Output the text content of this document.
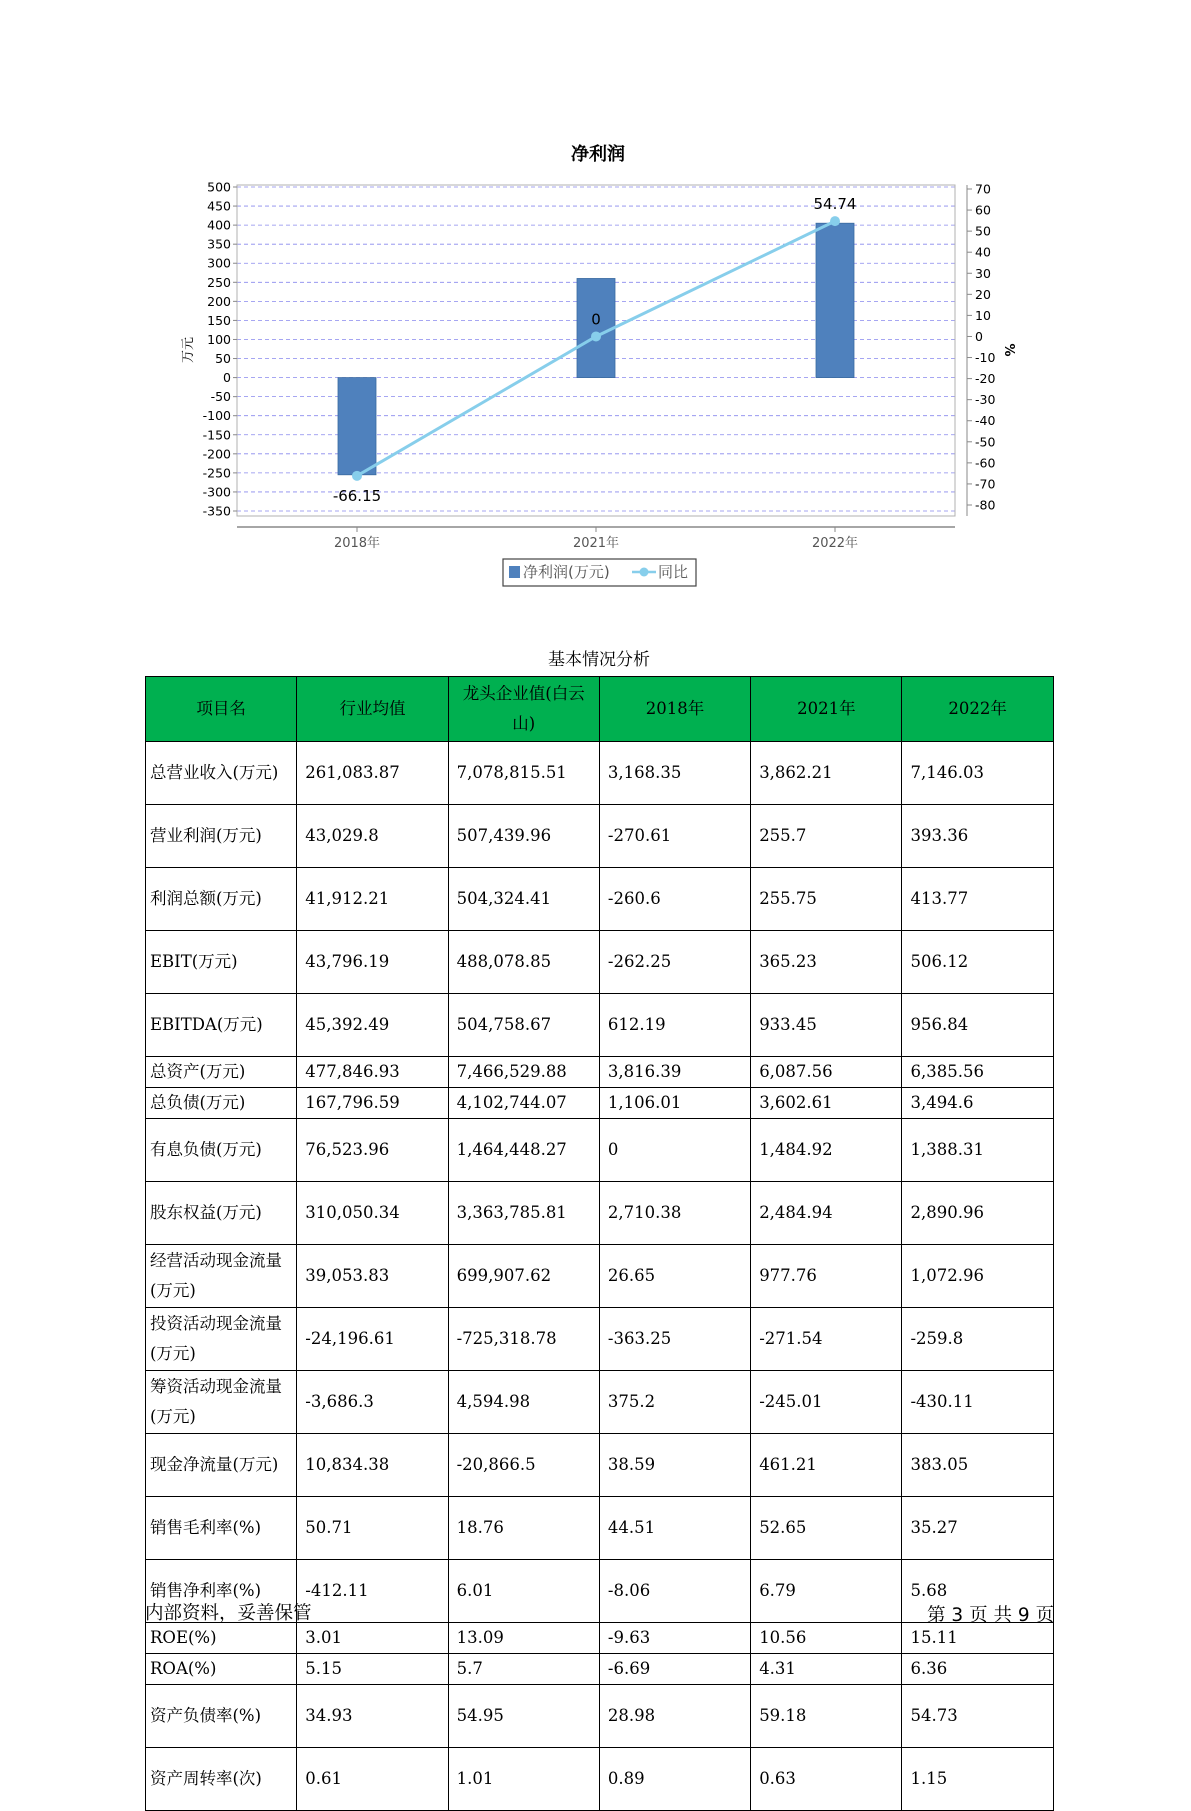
净利润
500
450
400
350
300
250
200
150
100
50
0
-50
-100
-150
-200
-250
-300
-350
70
60
50
40
30
20
10
0
-10
-20
-30
-40
-50
-60
-70
-80
万元	%
-66.15
0
54.74
2018年	2021年	2022年
净利润(万元)	同比
基本情况分析
项目名	行业均值	龙头企业值(白云山)	2018年	2021年	2022年
总营业收入(万元)	261,083.87	7,078,815.51	3,168.35	3,862.21	7,146.03
营业利润(万元)	43,029.8	507,439.96	-270.61	255.7	393.36
利润总额(万元)	41,912.21	504,324.41	-260.6	255.75	413.77
EBIT(万元)	43,796.19	488,078.85	-262.25	365.23	506.12
EBITDA(万元)	45,392.49	504,758.67	612.19	933.45	956.84
总资产(万元)	477,846.93	7,466,529.88	3,816.39	6,087.56	6,385.56
总负债(万元)	167,796.59	4,102,744.07	1,106.01	3,602.61	3,494.6
有息负债(万元)	76,523.96	1,464,448.27	0	1,484.92	1,388.31
股东权益(万元)	310,050.34	3,363,785.81	2,710.38	2,484.94	2,890.96
经营活动现金流量(万元)	39,053.83	699,907.62	26.65	977.76	1,072.96
投资活动现金流量(万元)	-24,196.61	-725,318.78	-363.25	-271.54	-259.8
筹资活动现金流量(万元)	-3,686.3	4,594.98	375.2	-245.01	-430.11
现金净流量(万元)	10,834.38	-20,866.5	38.59	461.21	383.05
销售毛利率(%)	50.71	18.76	44.51	52.65	35.27
销售净利率(%)	-412.11	6.01	-8.06	6.79	5.68
ROE(%)	3.01	13.09	-9.63	10.56	15.11
ROA(%)	5.15	5.7	-6.69	4.31	6.36
资产负债率(%)	34.93	54.95	28.98	59.18	54.73
资产周转率(次)	0.61	1.01	0.89	0.63	1.15
内部资料，妥善保管	第 3 页 共 9 页
